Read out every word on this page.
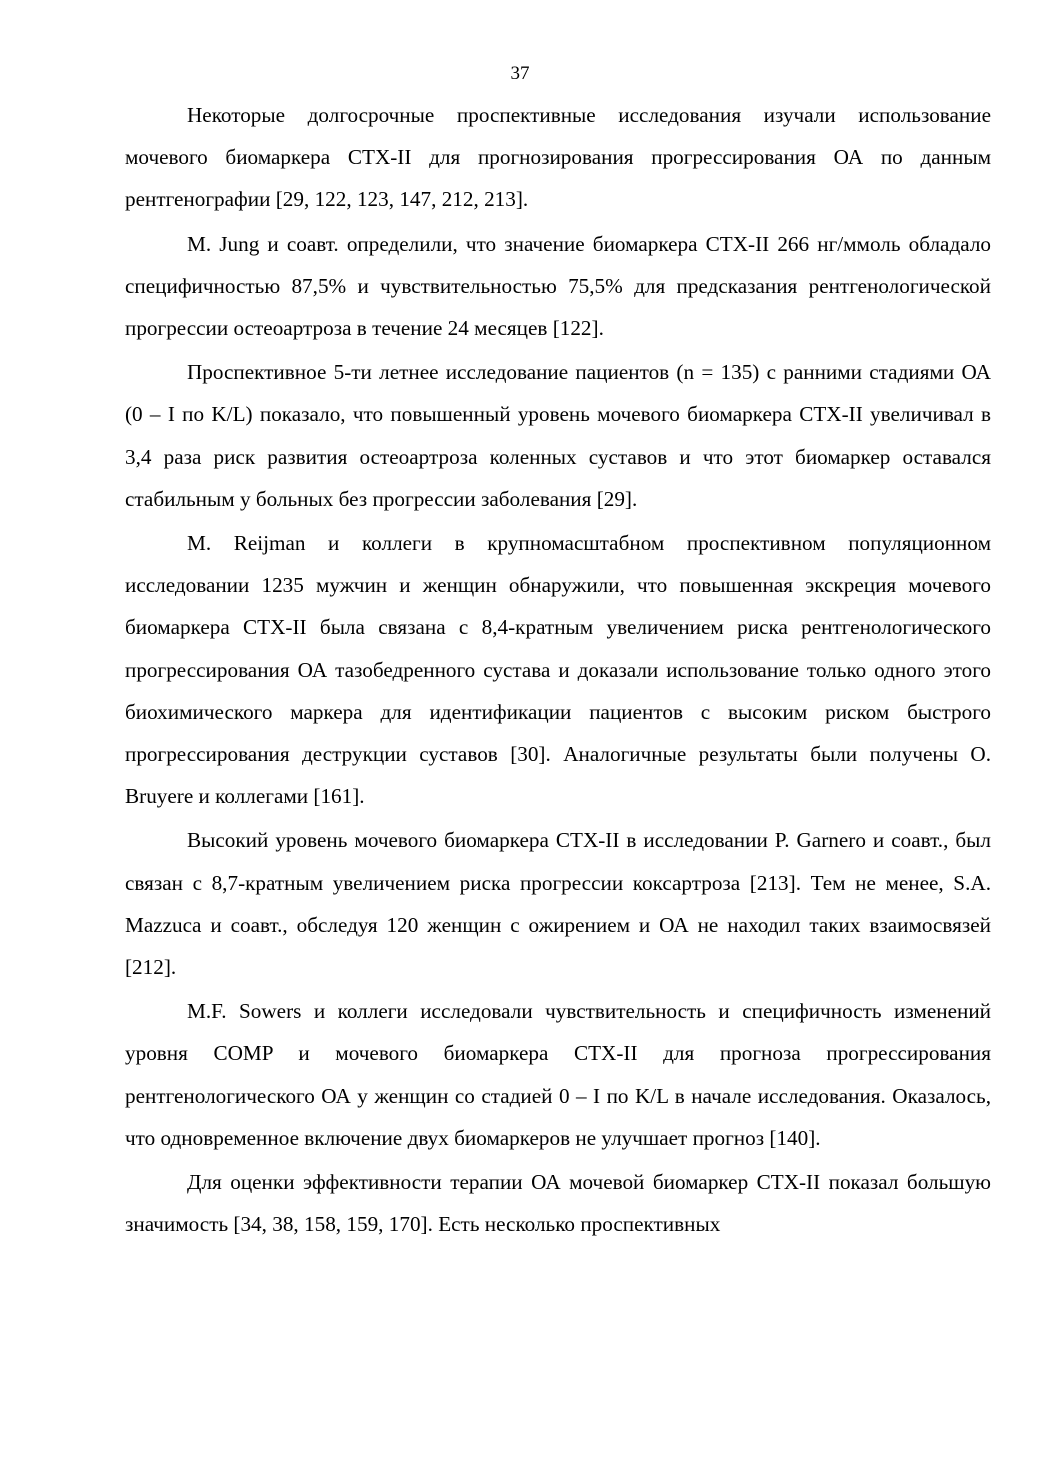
37

Некоторые долгосрочные проспективные исследования изучали использование мочевого биомаркера CTX-II для прогнозирования прогрессирования ОА по данным рентгенографии [29, 122, 123, 147, 212, 213].

M. Jung и соавт. определили, что значение биомаркера CTX-II 266 нг/ммоль обладало специфичностью 87,5% и чувствительностью 75,5% для предсказания рентгенологической прогрессии остеоартроза в течение 24 месяцев [122].

Проспективное 5-ти летнее исследование пациентов (n = 135) с ранними стадиями ОА (0 – I по K/L) показало, что повышенный уровень мочевого биомаркера CTX-II увеличивал в 3,4 раза риск развития остеоартроза коленных суставов и что этот биомаркер оставался стабильным у больных без прогрессии заболевания [29].

M. Reijman и коллеги в крупномасштабном проспективном популяционном исследовании 1235 мужчин и женщин обнаружили, что повышенная экскреция мочевого биомаркера CTX-II была связана с 8,4-кратным увеличением риска рентгенологического прогрессирования ОА тазобедренного сустава и доказали использование только одного этого биохимического маркера для идентификации пациентов с высоким риском быстрого прогрессирования деструкции суставов [30]. Аналогичные результаты были получены O. Bruyere и коллегами [161].

Высокий уровень мочевого биомаркера CTX-II в исследовании P. Garnero и соавт., был связан с 8,7-кратным увеличением риска прогрессии коксартроза [213]. Тем не менее, S.A. Mazzuca и соавт., обследуя 120 женщин с ожирением и ОА не находил таких взаимосвязей [212].

M.F. Sowers и коллеги исследовали чувствительность и специфичность изменений уровня COMP и мочевого биомаркера CTX-II для прогноза прогрессирования рентгенологического ОА у женщин со стадией 0 – I по K/L в начале исследования. Оказалось, что одновременное включение двух биомаркеров не улучшает прогноз [140].

Для оценки эффективности терапии ОА мочевой биомаркер CTX-II показал большую значимость [34, 38, 158, 159, 170]. Есть несколько проспективных
